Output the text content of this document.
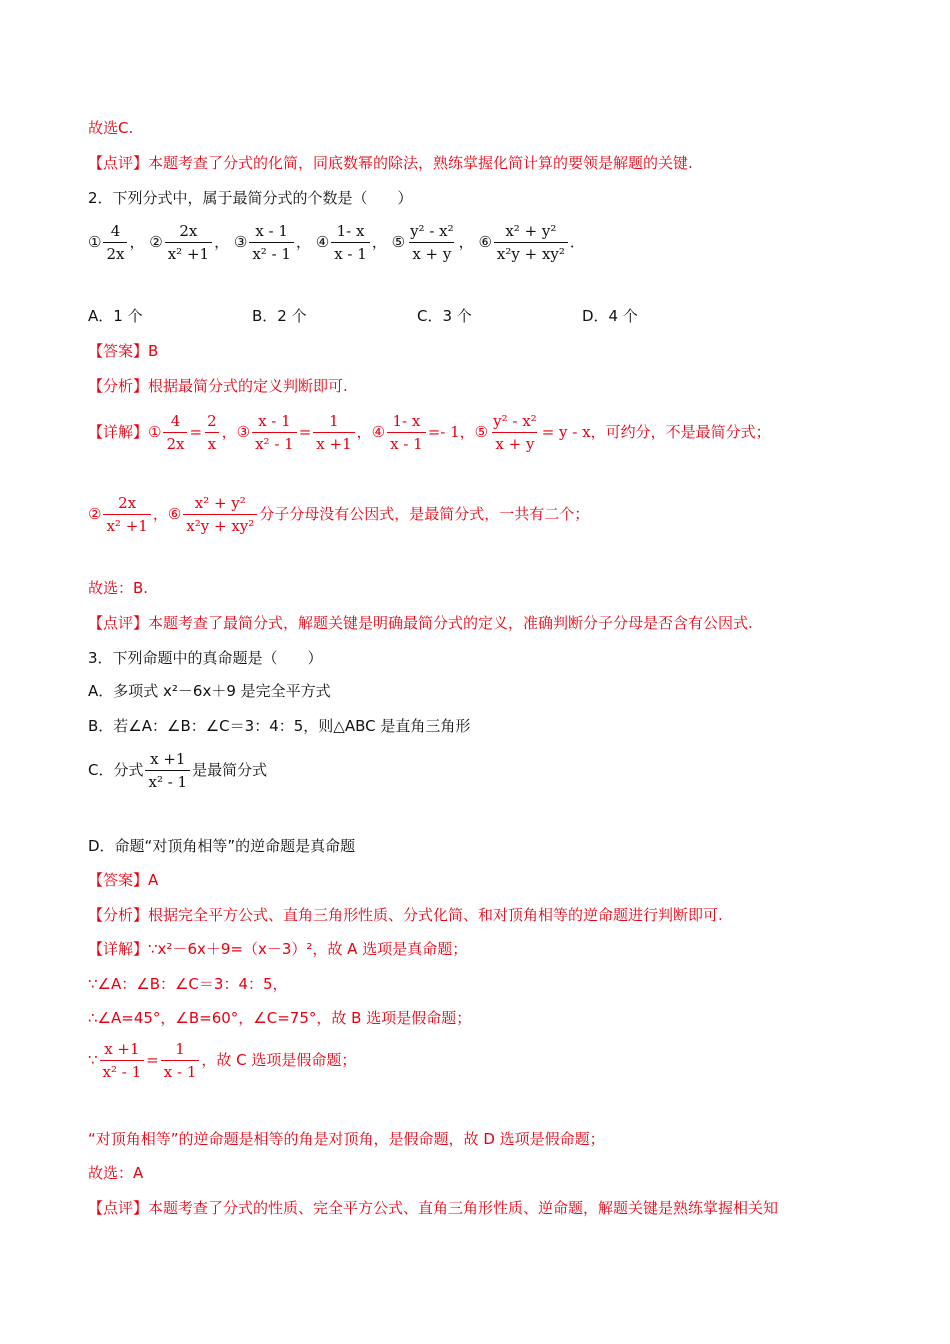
故选C.
【点评】本题考查了分式的化简，同底数幂的除法，熟练掌握化简计算的要领是解题的关键.
2．下列分式中，属于最简分式的个数是（　　）
① $\frac{4}{2x}$ ， ② $\frac{2x}{\text{x² +1}}$ ， ③ $\frac{x - 1}{\text{x² - 1}}$ ， ④ $\frac{1- x}{x - 1}$ ， ⑤ $\frac{\text{y² - x²}}{x + y}$ ， ⑥ $\frac{\text{x² + y²}}{\text{x²y + xy²}}$ ．
A．1 个	B．2 个	C．3 个	D．4 个
【答案】B
【分析】根据最简分式的定义判断即可.
【详解】① $\frac{4}{2x} = \frac{2}{x}$ ，③ $\frac{x - 1}{\text{x² - 1}} = \frac{1}{x +1}$ ，④ $\frac{1- x}{x - 1} =- 1$，⑤ $\frac{\text{y² - x²}}{x + y} = y - x$，可约分，不是最简分式；
② $\frac{2x}{\text{x² +1}}$ ，⑥ $\frac{\text{x² + y²}}{\text{x²y + xy²}}$ 分子分母没有公因式，是最简分式，一共有二个；
故选：B.
【点评】本题考查了最简分式，解题关键是明确最简分式的定义，准确判断分子分母是否含有公因式.
3．下列命题中的真命题是（　　）
A．多项式 x²－6x＋9 是完全平方式
B．若∠A：∠B：∠C＝3：4：5，则△ABC 是直角三角形
C．分式 $\frac{x +1}{\text{x² - 1}}$ 是最简分式
D．命题“对顶角相等”的逆命题是真命题
【答案】A
【分析】根据完全平方公式、直角三角形性质、分式化简、和对顶角相等的逆命题进行判断即可.
【详解】∵x²－6x＋9=（x－3）²，故 A 选项是真命题；
∵∠A：∠B：∠C＝3：4：5，
∴∠A=45°，∠B=60°，∠C=75°，故 B 选项是假命题；
∵ $\frac{x +1}{\text{x² - 1}} = \frac{1}{x - 1}$ ，故 C 选项是假命题；
“对顶角相等”的逆命题是相等的角是对顶角，是假命题，故 D 选项是假命题；
故选：A
【点评】本题考查了分式的性质、完全平方公式、直角三角形性质、逆命题，解题关键是熟练掌握相关知
